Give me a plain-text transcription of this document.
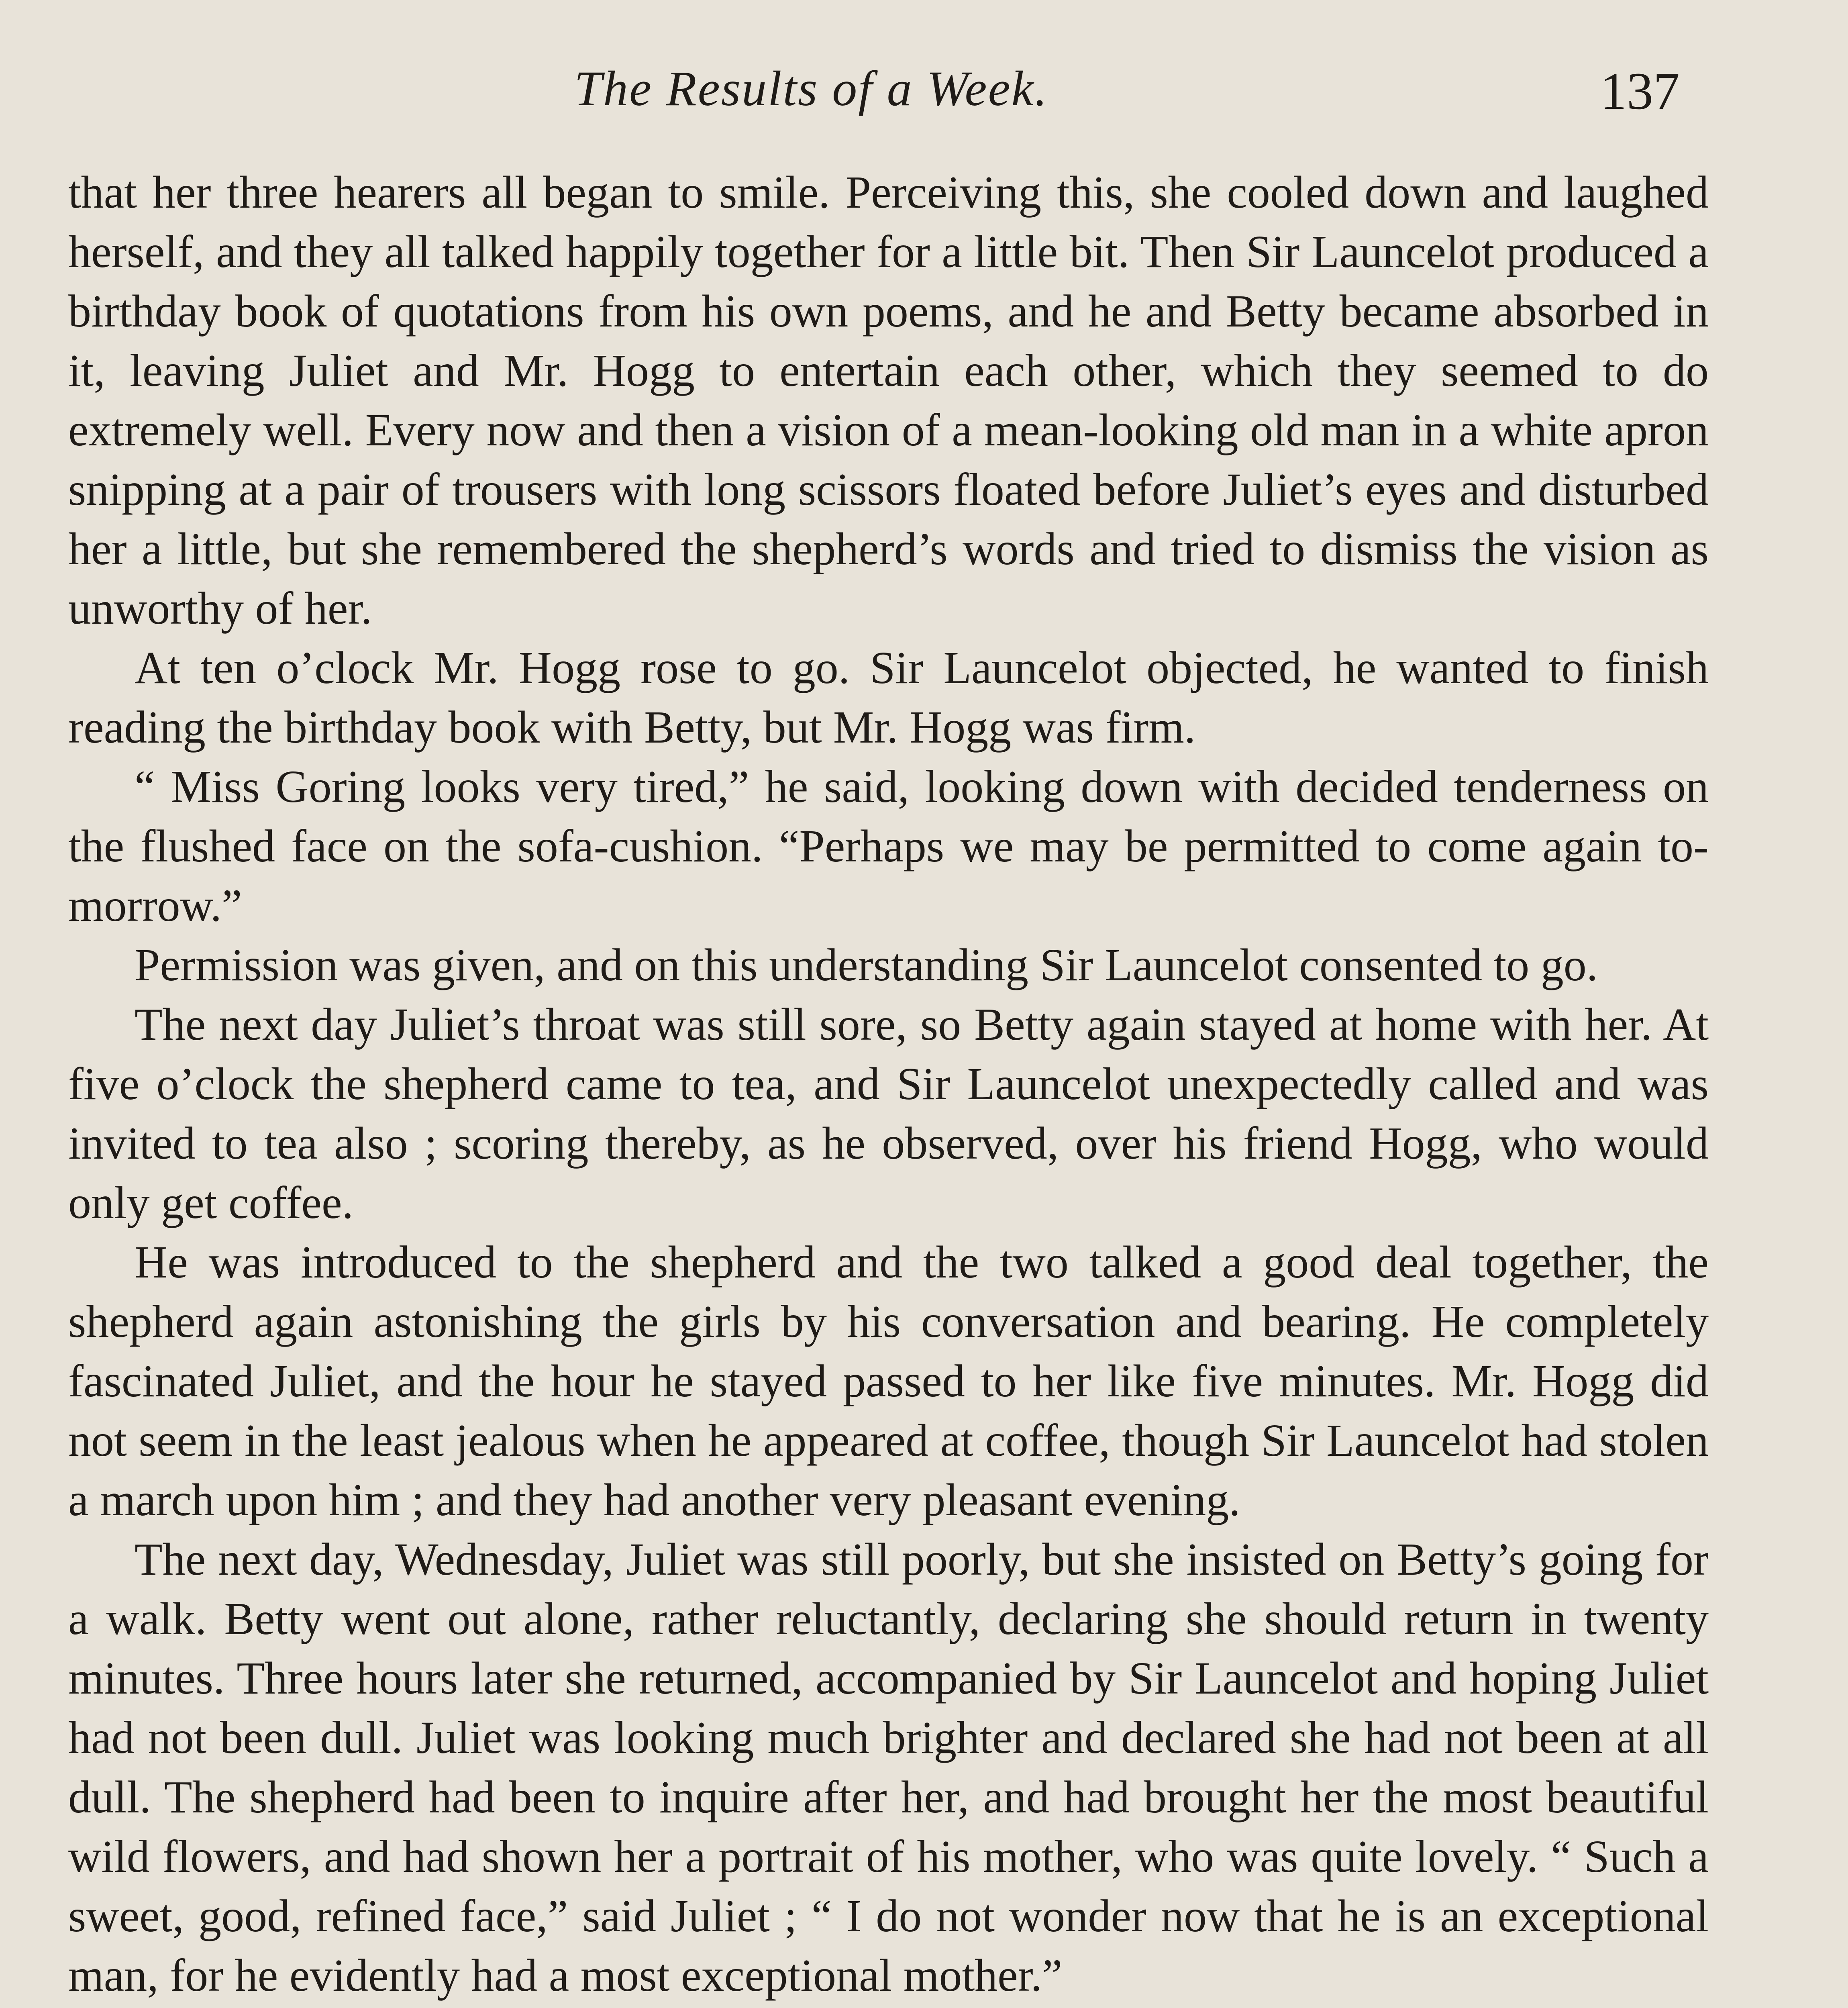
The Results of a Week.	137

that her three hearers all began to smile. Perceiving this, she cooled down and laughed herself, and they all talked happily together for a little bit. Then Sir Launcelot produced a birthday book of quotations from his own poems, and he and Betty became absorbed in it, leaving Juliet and Mr. Hogg to entertain each other, which they seemed to do extremely well. Every now and then a vision of a mean-looking old man in a white apron snipping at a pair of trousers with long scissors floated before Juliet’s eyes and disturbed her a little, but she remembered the shepherd’s words and tried to dismiss the vision as unworthy of her.

At ten o’clock Mr. Hogg rose to go. Sir Launcelot objected, he wanted to finish reading the birthday book with Betty, but Mr. Hogg was firm.

“ Miss Goring looks very tired,” he said, looking down with decided tenderness on the flushed face on the sofa-cushion. “Perhaps we may be permitted to come again to-morrow.”

Permission was given, and on this understanding Sir Launcelot consented to go.

The next day Juliet’s throat was still sore, so Betty again stayed at home with her. At five o’clock the shepherd came to tea, and Sir Launcelot unexpectedly called and was invited to tea also ; scoring thereby, as he observed, over his friend Hogg, who would only get coffee.

He was introduced to the shepherd and the two talked a good deal together, the shepherd again astonishing the girls by his conversation and bearing. He completely fascinated Juliet, and the hour he stayed passed to her like five minutes. Mr. Hogg did not seem in the least jealous when he appeared at coffee, though Sir Launcelot had stolen a march upon him ; and they had another very pleasant evening.

The next day, Wednesday, Juliet was still poorly, but she insisted on Betty’s going for a walk. Betty went out alone, rather reluctantly, declaring she should return in twenty minutes. Three hours later she returned, accompanied by Sir Launcelot and hoping Juliet had not been dull. Juliet was looking much brighter and declared she had not been at all dull. The shepherd had been to inquire after her, and had brought her the most beautiful wild flowers, and had shown her a portrait of his mother, who was quite lovely. “ Such a sweet, good, refined face,” said Juliet ; “ I do not wonder now that he is an exceptional man, for he evidently had a most exceptional mother.”
